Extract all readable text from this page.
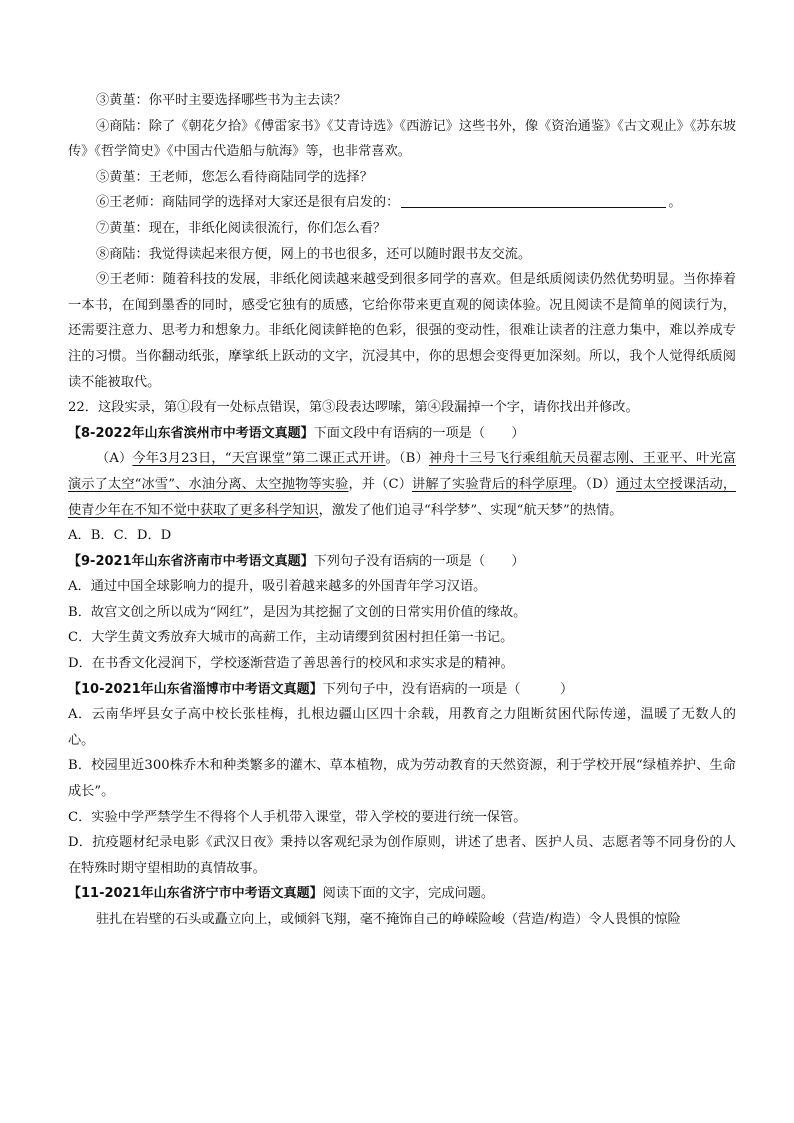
③黄堇：你平时主要选择哪些书为主去读？

④商陆：除了《朝花夕拾》《傅雷家书》《艾青诗选》《西游记》这些书外，像《资治通鉴》《古文观止》《苏东坡传》《哲学简史》《中国古代造船与航海》等，也非常喜欢。

⑤黄堇：王老师，您怎么看待商陆同学的选择？

⑥王老师：商陆同学的选择对大家还是很有启发的：	。

⑦黄堇：现在，非纸化阅读很流行，你们怎么看？

⑧商陆：我觉得读起来很方便，网上的书也很多，还可以随时跟书友交流。

⑨王老师：随着科技的发展，非纸化阅读越来越受到很多同学的喜欢。但是纸质阅读仍然优势明显。当你捧着一本书，在闻到墨香的同时，感受它独有的质感，它给你带来更直观的阅读体验。况且阅读不是简单的阅读行为，还需要注意力、思考力和想象力。非纸化阅读鲜艳的色彩，很强的变动性，很难让读者的注意力集中，难以养成专注的习惯。当你翻动纸张，摩挲纸上跃动的文字，沉浸其中，你的思想会变得更加深刻。所以，我个人觉得纸质阅读不能被取代。

22．这段实录，第①段有一处标点错误，第③段表达啰嗦，第④段漏掉一个字，请你找出并修改。

【8-2022年山东省滨州市中考语文真题】下面文段中有语病的一项是（　　）

（A）今年3月23日，“天宫课堂”第二课正式开讲。（B）神舟十三号飞行乘组航天员翟志刚、王亚平、叶光富演示了太空“冰雪”、水油分离、太空抛物等实验，并（C）讲解了实验背后的科学原理。（D）通过太空授课活动，使青少年在不知不觉中获取了更多科学知识，激发了他们追寻“科学梦”、实现“航天梦”的热情。

A．B．C．D．D

【9-2021年山东省济南市中考语文真题】下列句子没有语病的一项是（　　）

A．通过中国全球影响力的提升，吸引着越来越多的外国青年学习汉语。

B．故宫文创之所以成为“网红”，是因为其挖掘了文创的日常实用价值的缘故。

C．大学生黄文秀放弃大城市的高薪工作，主动请缨到贫困村担任第一书记。

D．在书香文化浸润下，学校逐渐营造了善思善行的校风和求实求是的精神。

【10-2021年山东省淄博市中考语文真题】下列句子中，没有语病的一项是（　　　）

A．云南华坪县女子高中校长张桂梅，扎根边疆山区四十余载，用教育之力阻断贫困代际传递，温暖了无数人的心。

B．校园里近300株乔木和种类繁多的灌木、草本植物，成为劳动教育的天然资源，利于学校开展“绿植养护、生命成长”。

C．实验中学严禁学生不得将个人手机带入课堂，带入学校的要进行统一保管。

D．抗疫题材纪录电影《武汉日夜》秉持以客观纪录为创作原则，讲述了患者、医护人员、志愿者等不同身份的人在特殊时期守望相助的真情故事。

【11-2021年山东省济宁市中考语文真题】阅读下面的文字，完成问题。

驻扎在岩壁的石头或矗立向上，或倾斜飞翔，毫不掩饰自己的峥嵘险峻（营造/构造）令人畏惧的惊险
